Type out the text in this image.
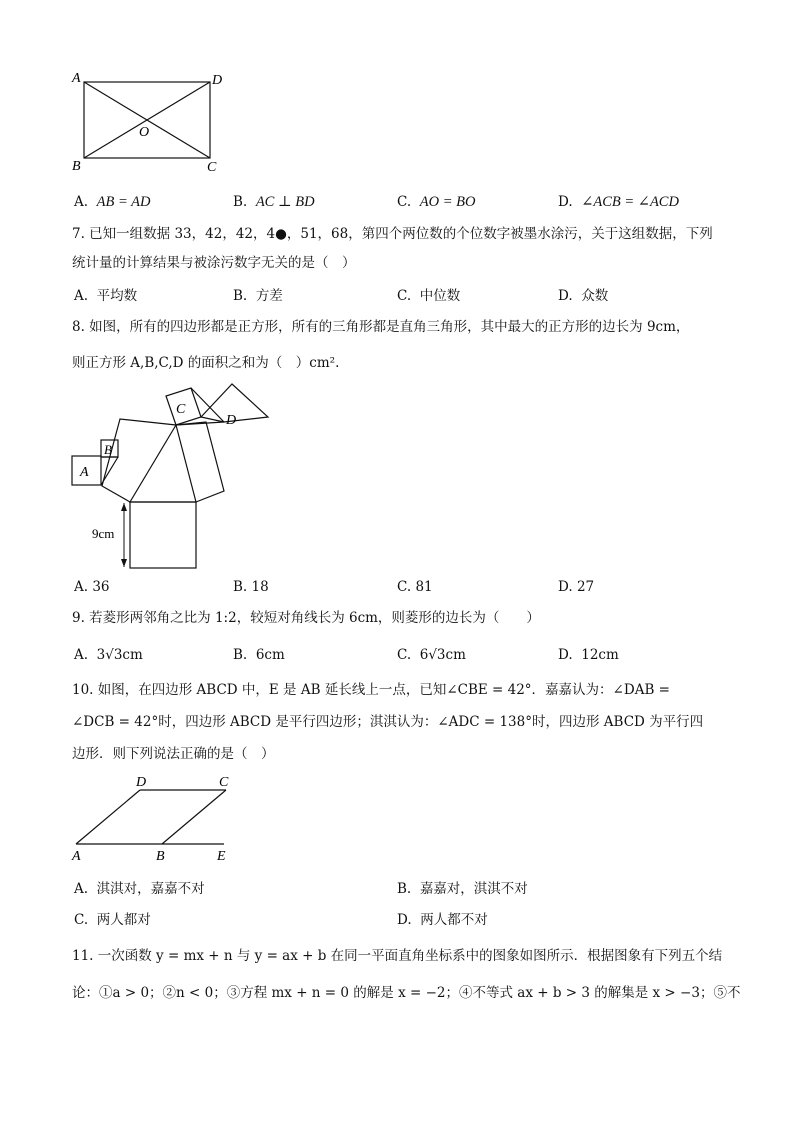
A	D
O
B	C
A. AB = AD	B. AC ⊥ BD	C. AO = BO	D. ∠ACB = ∠ACD
7. 已知一组数据 33，42，42，4●，51，68，第四个两位数的个位数字被墨水涂污，关于这组数据，下列
统计量的计算结果与被涂污数字无关的是（　）
A. 平均数	B. 方差	C. 中位数	D. 众数
8. 如图，所有的四边形都是正方形，所有的三角形都是直角三角形，其中最大的正方形的边长为 9cm，
则正方形 A,B,C,D 的面积之和为（　）cm².
A
B
C
D
9cm
A. 36	B. 18	C. 81	D. 27
9. 若菱形两邻角之比为 1:2，较短对角线长为 6cm，则菱形的边长为（　　）
A. 3√3cm	B. 6cm	C. 6√3cm	D. 12cm
10. 如图，在四边形 ABCD 中，E 是 AB 延长线上一点，已知∠CBE = 42°．嘉嘉认为：∠DAB =
∠DCB = 42°时，四边形 ABCD 是平行四边形；淇淇认为：∠ADC = 138°时，四边形 ABCD 为平行四
边形．则下列说法正确的是（　）
D	C
A	B	E
A. 淇淇对，嘉嘉不对	B. 嘉嘉对，淇淇不对
C. 两人都对	D. 两人都不对
11. 一次函数 y = mx + n 与 y = ax + b 在同一平面直角坐标系中的图象如图所示．根据图象有下列五个结
论：①a > 0；②n < 0；③方程 mx + n = 0 的解是 x = −2；④不等式 ax + b > 3 的解集是 x > −3；⑤不
